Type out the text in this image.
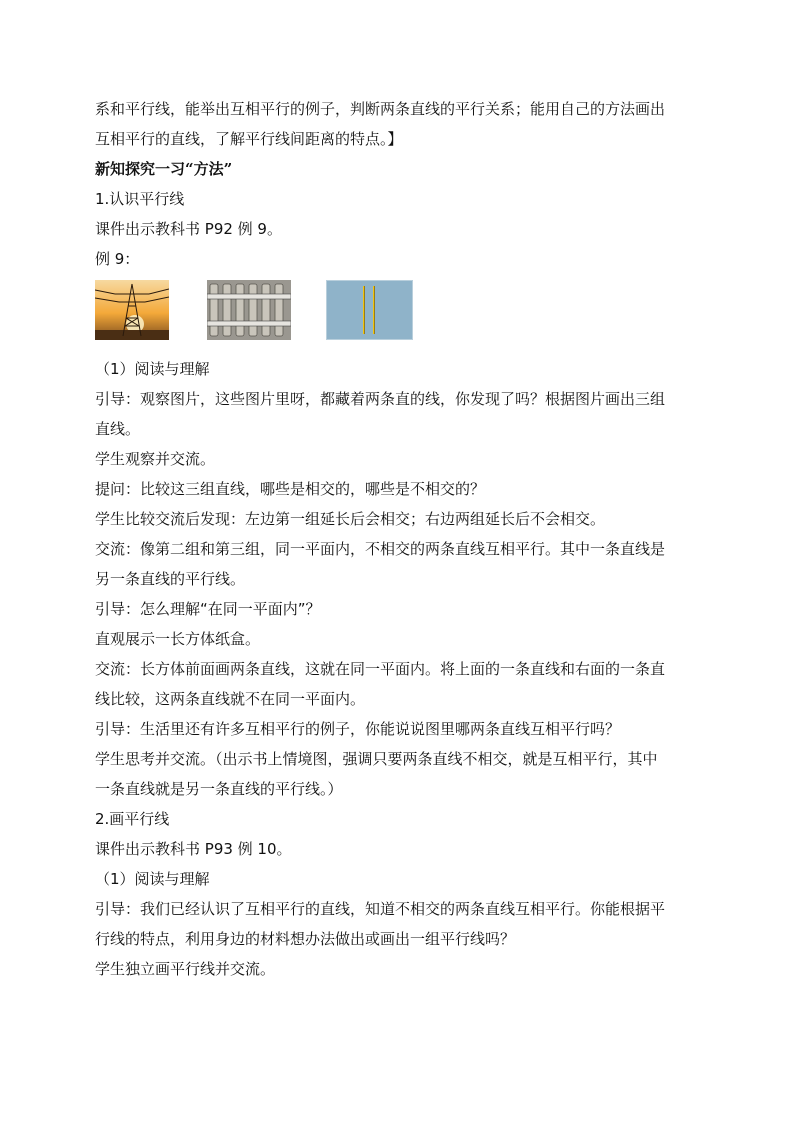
系和平行线，能举出互相平行的例子，判断两条直线的平行关系；能用自己的方法画出

互相平行的直线，了解平行线间距离的特点。】

新知探究一习“方法”

1.认识平行线

课件出示教科书 P92 例 9。

例 9：

（1）阅读与理解

引导：观察图片，这些图片里呀，都藏着两条直的线，你发现了吗？根据图片画出三组

直线。

学生观察并交流。

提问：比较这三组直线，哪些是相交的，哪些是不相交的？

学生比较交流后发现：左边第一组延长后会相交；右边两组延长后不会相交。

交流：像第二组和第三组，同一平面内，不相交的两条直线互相平行。其中一条直线是

另一条直线的平行线。

引导：怎么理解“在同一平面内”？

直观展示一长方体纸盒。

交流：长方体前面画两条直线，这就在同一平面内。将上面的一条直线和右面的一条直

线比较，这两条直线就不在同一平面内。

引导：生活里还有许多互相平行的例子，你能说说图里哪两条直线互相平行吗？

学生思考并交流。（出示书上情境图，强调只要两条直线不相交，就是互相平行，其中

一条直线就是另一条直线的平行线。）

2.画平行线

课件出示教科书 P93 例 10。

（1）阅读与理解

引导：我们已经认识了互相平行的直线，知道不相交的两条直线互相平行。你能根据平

行线的特点，利用身边的材料想办法做出或画出一组平行线吗？

学生独立画平行线并交流。
